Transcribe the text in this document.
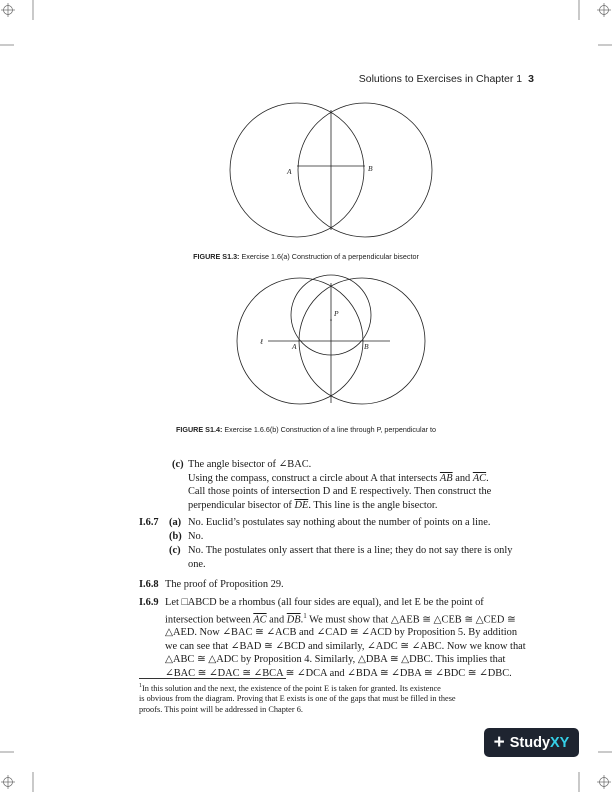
Solutions to Exercises in Chapter 1 3
A	B
FIGURE S1.3: Exercise 1.6(a) Construction of a perpendicular bisector
P
ℓ
A	B
FIGURE S1.4: Exercise 1.6.6(b) Construction of a line through P, perpendicular to
(c) The angle bisector of ∠BAC.
Using the compass, construct a circle about A that intersects $\overline{AB}$ and $\overline{AC}$.
Call those points of intersection D and E respectively. Then construct the
perpendicular bisector of $\overline{DE}$. This line is the angle bisector.
I.6.7 (a) No. Euclid’s postulates say nothing about the number of points on a line.
(b) No.
(c) No. The postulates only assert that there is a line; they do not say there is only
one.
I.6.8 The proof of Proposition 29.
I.6.9 Let □ABCD be a rhombus (all four sides are equal), and let E be the point of
intersection between $\overline{AC}$ and $\overline{DB}.^1$ We must show that △AEB ≅ △CEB ≅ △CED ≅
△AED. Now ∠BAC ≅ ∠ACB and ∠CAD ≅ ∠ACD by Proposition 5. By addition
we can see that ∠BAD ≅ ∠BCD and similarly, ∠ADC ≅ ∠ABC. Now we know that
△ABC ≅ △ADC by Proposition 4. Similarly, △DBA ≅ △DBC. This implies that
∠BAC ≅ ∠DAC ≅ ∠BCA ≅ ∠DCA and ∠BDA ≅ ∠DBA ≅ ∠BDC ≅ ∠DBC.
$^1$In this solution and the next, the existence of the point E is taken for granted. Its existence
is obvious from the diagram. Proving that E exists is one of the gaps that must be filled in these
proofs. This point will be addressed in Chapter 6.
+ StudyXY
